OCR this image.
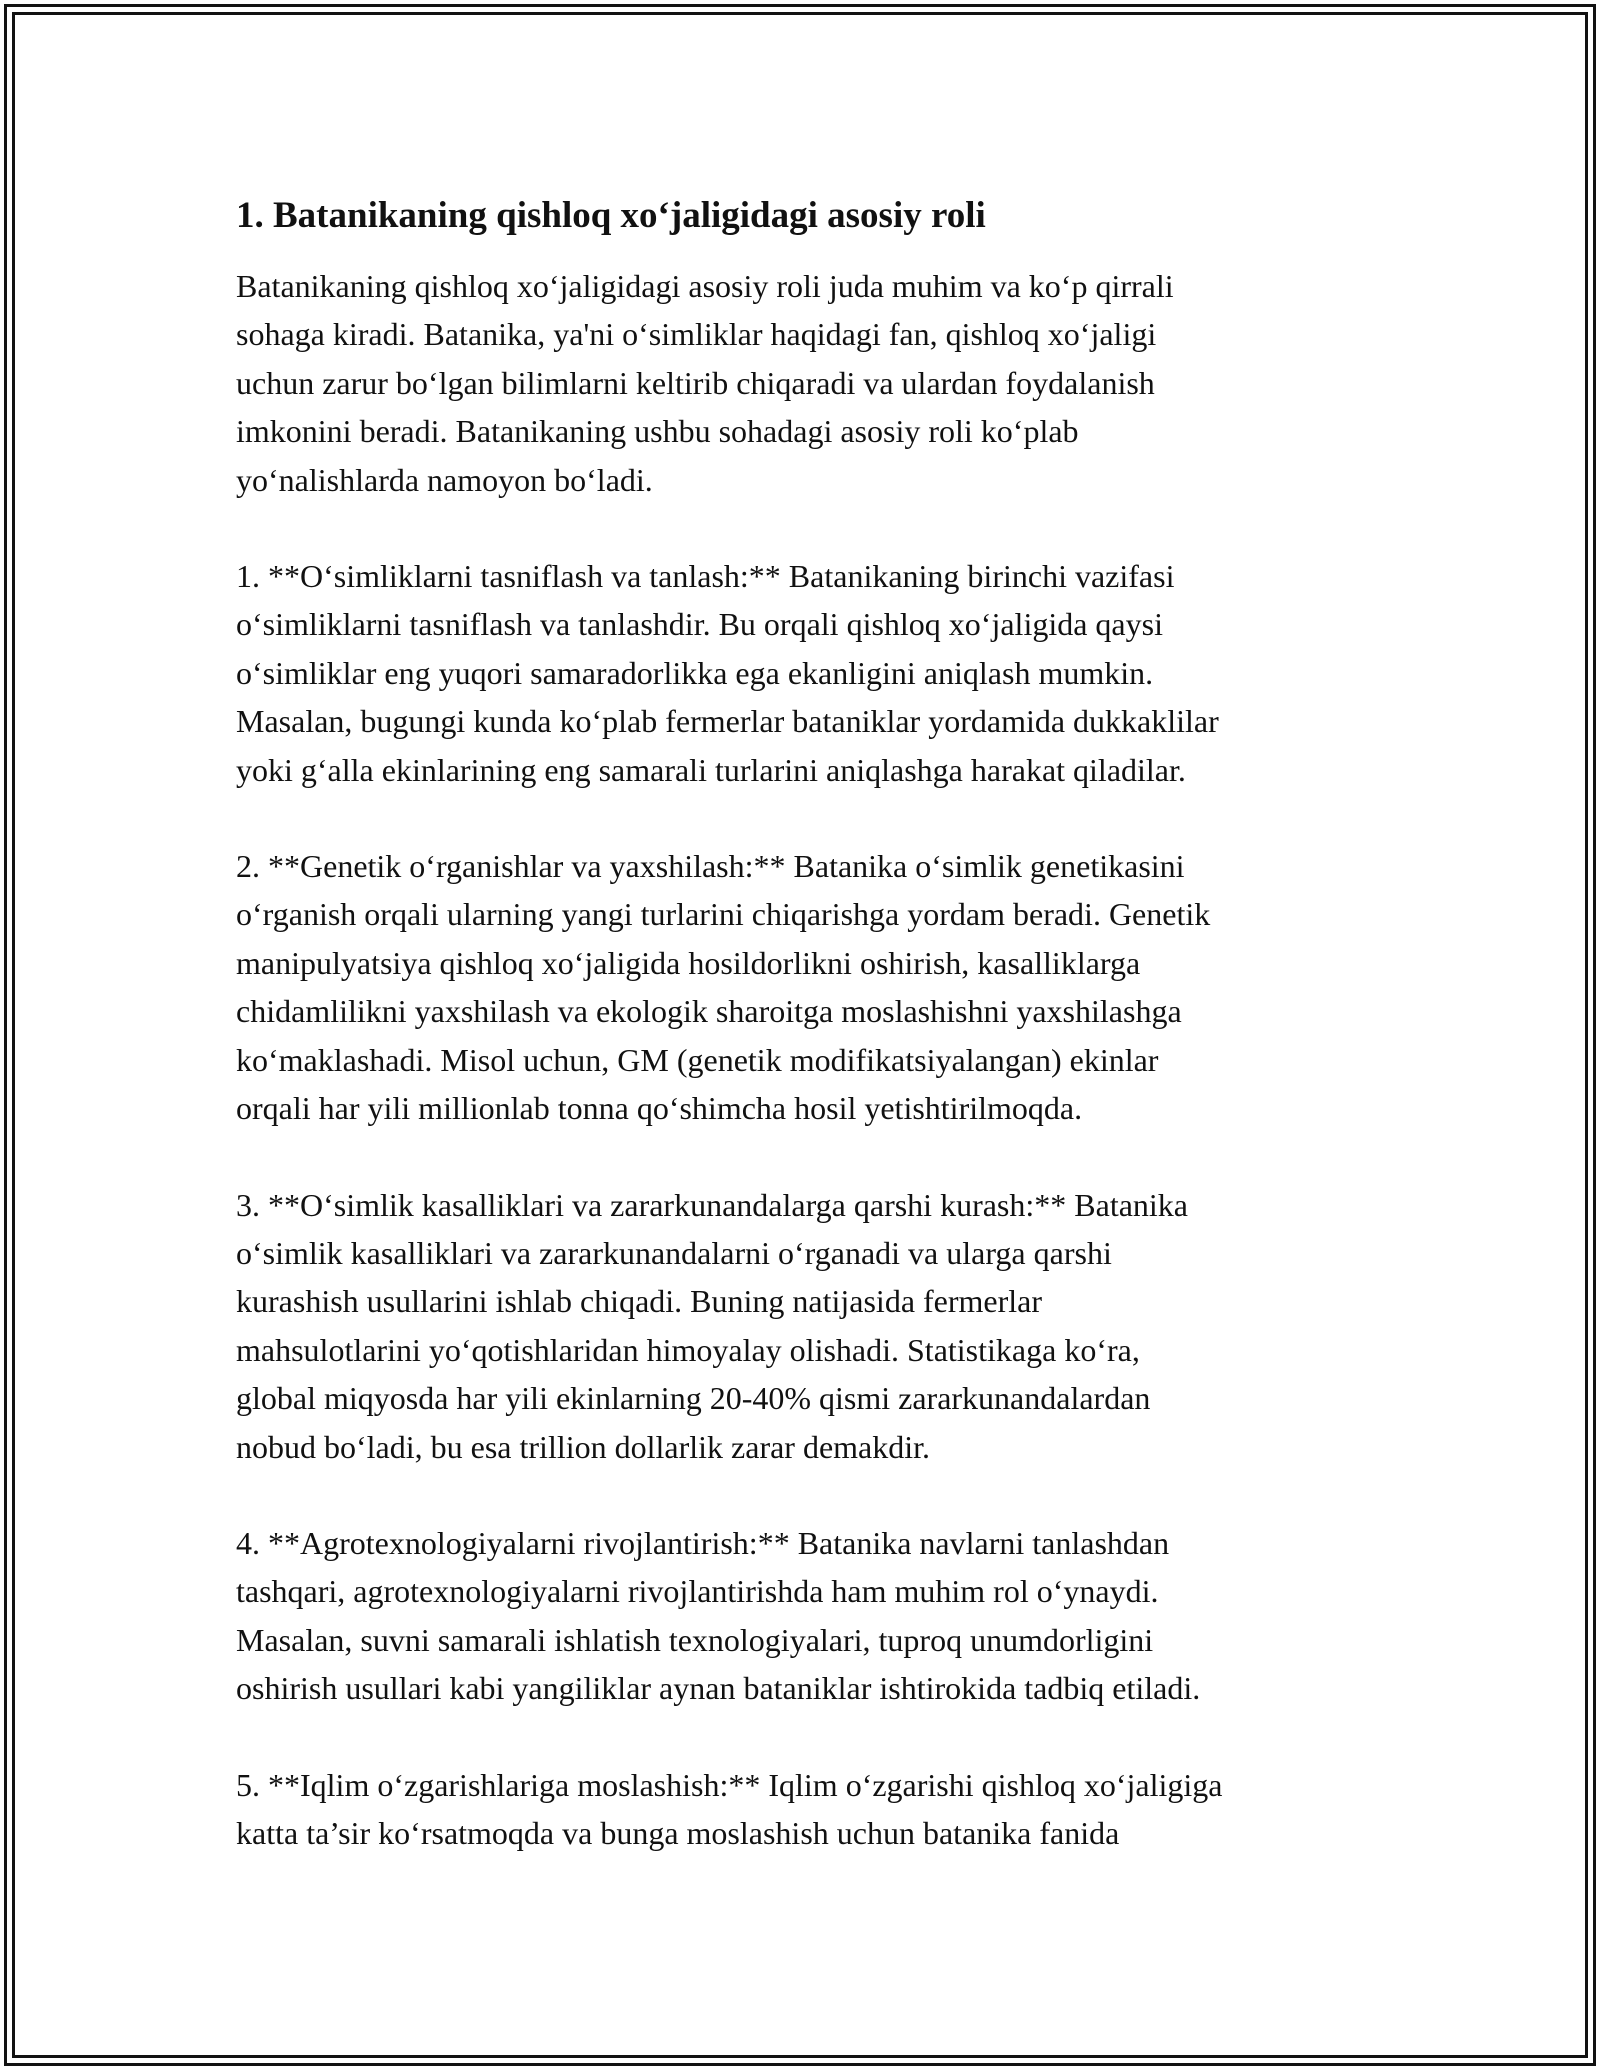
1. Batanikaning qishloq xo‘jaligidagi asosiy roli

Batanikaning qishloq xo‘jaligidagi asosiy roli juda muhim va ko‘p qirrali
sohaga kiradi. Batanika, ya'ni o‘simliklar haqidagi fan, qishloq xo‘jaligi
uchun zarur bo‘lgan bilimlarni keltirib chiqaradi va ulardan foydalanish
imkonini beradi. Batanikaning ushbu sohadagi asosiy roli ko‘plab
yo‘nalishlarda namoyon bo‘ladi.

1. **O‘simliklarni tasniflash va tanlash:** Batanikaning birinchi vazifasi
o‘simliklarni tasniflash va tanlashdir. Bu orqali qishloq xo‘jaligida qaysi
o‘simliklar eng yuqori samaradorlikka ega ekanligini aniqlash mumkin.
Masalan, bugungi kunda ko‘plab fermerlar bataniklar yordamida dukkaklilar
yoki g‘alla ekinlarining eng samarali turlarini aniqlashga harakat qiladilar.

2. **Genetik o‘rganishlar va yaxshilash:** Batanika o‘simlik genetikasini
o‘rganish orqali ularning yangi turlarini chiqarishga yordam beradi. Genetik
manipulyatsiya qishloq xo‘jaligida hosildorlikni oshirish, kasalliklarga
chidamlilikni yaxshilash va ekologik sharoitga moslashishni yaxshilashga
ko‘maklashadi. Misol uchun, GM (genetik modifikatsiyalangan) ekinlar
orqali har yili millionlab tonna qo‘shimcha hosil yetishtirilmoqda.

3. **O‘simlik kasalliklari va zararkunandalarga qarshi kurash:** Batanika
o‘simlik kasalliklari va zararkunandalarni o‘rganadi va ularga qarshi
kurashish usullarini ishlab chiqadi. Buning natijasida fermerlar
mahsulotlarini yo‘qotishlaridan himoyalay olishadi. Statistikaga ko‘ra,
global miqyosda har yili ekinlarning 20-40% qismi zararkunandalardan
nobud bo‘ladi, bu esa trillion dollarlik zarar demakdir.

4. **Agrotexnologiyalarni rivojlantirish:** Batanika navlarni tanlashdan
tashqari, agrotexnologiyalarni rivojlantirishda ham muhim rol o‘ynaydi.
Masalan, suvni samarali ishlatish texnologiyalari, tuproq unumdorligini
oshirish usullari kabi yangiliklar aynan bataniklar ishtirokida tadbiq etiladi.

5. **Iqlim o‘zgarishlariga moslashish:** Iqlim o‘zgarishi qishloq xo‘jaligiga
katta ta’sir ko‘rsatmoqda va bunga moslashish uchun batanika fanida
